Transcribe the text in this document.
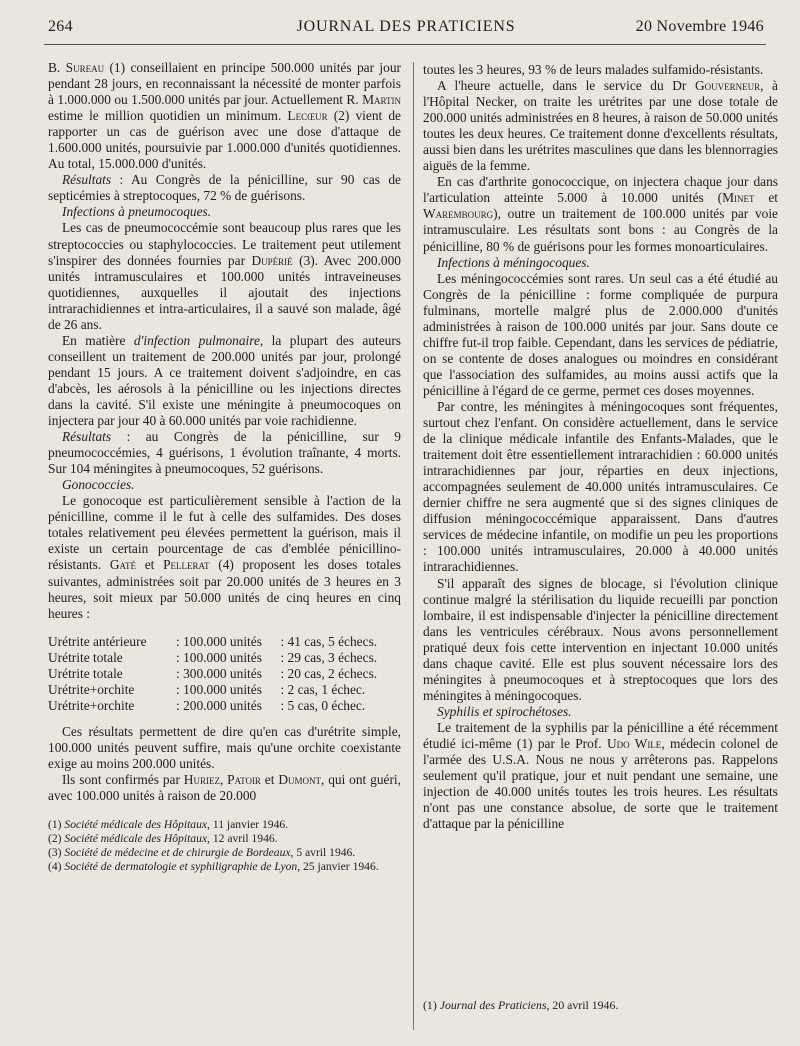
264	JOURNAL DES PRATICIENS	20 Novembre 1946

B. Sureau (1) conseillaient en principe 500.000 unités par jour pendant 28 jours, en reconnaissant la nécessité de monter parfois à 1.000.000 ou 1.500.000 unités par jour. Actuellement R. Martin estime le million quotidien un minimum. Lecœur (2) vient de rapporter un cas de guérison avec une dose d'attaque de 1.600.000 unités, poursuivie par 1.000.000 d'unités quotidiennes. Au total, 15.000.000 d'unités.

Résultats : Au Congrès de la pénicilline, sur 90 cas de septicémies à streptocoques, 72 % de guérisons.

Infections à pneumocoques.

Les cas de pneumococcémie sont beaucoup plus rares que les streptococcies ou staphylococcies. Le traitement peut utilement s'inspirer des données fournies par Dupérié (3). Avec 200.000 unités intramusculaires et 100.000 unités intraveineuses quotidiennes, auxquelles il ajoutait des injections intrarachidiennes et intra-articulaires, il a sauvé son malade, âgé de 26 ans.

En matière d'infection pulmonaire, la plupart des auteurs conseillent un traitement de 200.000 unités par jour, prolongé pendant 15 jours. A ce traitement doivent s'adjoindre, en cas d'abcès, les aérosols à la pénicilline ou les injections directes dans la cavité. S'il existe une méningite à pneumocoques on injectera par jour 40 à 60.000 unités par voie rachidienne.

Résultats : au Congrès de la pénicilline, sur 9 pneumococcémies, 4 guérisons, 1 évolution traînante, 4 morts. Sur 104 méningites à pneumocoques, 52 guérisons.

Gonococcies.

Le gonocoque est particulièrement sensible à l'action de la pénicilline, comme il le fut à celle des sulfamides. Des doses totales relativement peu élevées permettent la guérison, mais il existe un certain pourcentage de cas d'emblée pénicillino-résistants. Gaté et Pellerat (4) proposent les doses totales suivantes, administrées soit par 20.000 unités de 3 heures en 3 heures, soit mieux par 50.000 unités de cinq heures en cinq heures :

Urétrite antérieure	: 100.000 unités	: 41 cas, 5 échecs.
Urétrite totale	: 100.000 unités	: 29 cas, 3 échecs.
Urétrite totale	: 300.000 unités	: 20 cas, 2 échecs.
Urétrite+orchite	: 100.000 unités	: 2 cas, 1 échec.
Urétrite+orchite	: 200.000 unités	: 5 cas, 0 échec.

Ces résultats permettent de dire qu'en cas d'urétrite simple, 100.000 unités peuvent suffire, mais qu'une orchite coexistante exige au moins 200.000 unités.

Ils sont confirmés par Huriez, Patoir et Dumont, qui ont guéri, avec 100.000 unités à raison de 20.000

(1) Société médicale des Hôpitaux, 11 janvier 1946.
(2) Société médicale des Hôpitaux, 12 avril 1946.
(3) Société de médecine et de chirurgie de Bordeaux, 5 avril 1946.
(4) Société de dermatologie et syphiligraphie de Lyon, 25 janvier 1946.

toutes les 3 heures, 93 % de leurs malades sulfamido-résistants.

A l'heure actuelle, dans le service du Dr Gouverneur, à l'Hôpital Necker, on traite les urétrites par une dose totale de 200.000 unités administrées en 8 heures, à raison de 50.000 unités toutes les deux heures. Ce traitement donne d'excellents résultats, aussi bien dans les urétrites masculines que dans les blennorragies aiguës de la femme.

En cas d'arthrite gonococcique, on injectera chaque jour dans l'articulation atteinte 5.000 à 10.000 unités (Minet et Warembourg), outre un traitement de 100.000 unités par voie intramusculaire. Les résultats sont bons : au Congrès de la pénicilline, 80 % de guérisons pour les formes monoarticulaires.

Infections à méningocoques.

Les méningococcémies sont rares. Un seul cas a été étudié au Congrès de la pénicilline : forme compliquée de purpura fulminans, mortelle malgré plus de 2.000.000 d'unités administrées à raison de 100.000 unités par jour. Sans doute ce chiffre fut-il trop faible. Cependant, dans les services de pédiatrie, on se contente de doses analogues ou moindres en considérant que l'association des sulfamides, au moins aussi actifs que la pénicilline à l'égard de ce germe, permet ces doses moyennes.

Par contre, les méningites à méningocoques sont fréquentes, surtout chez l'enfant. On considère actuellement, dans le service de la clinique médicale infantile des Enfants-Malades, que le traitement doit être essentiellement intrarachidien : 60.000 unités intrarachidiennes par jour, réparties en deux injections, accompagnées seulement de 40.000 unités intramusculaires. Ce dernier chiffre ne sera augmenté que si des signes cliniques de diffusion méningococcémique apparaissent. Dans d'autres services de médecine infantile, on modifie un peu les proportions : 100.000 unités intramusculaires, 20.000 à 40.000 unités intrarachidiennes.

S'il apparaît des signes de blocage, si l'évolution clinique continue malgré la stérilisation du liquide recueilli par ponction lombaire, il est indispensable d'injecter la pénicilline directement dans les ventricules cérébraux. Nous avons personnellement pratiqué deux fois cette intervention en injectant 10.000 unités dans chaque cavité. Elle est plus souvent nécessaire lors des méningites à pneumocoques et à streptocoques que lors des méningites à méningocoques.

Syphilis et spirochétoses.

Le traitement de la syphilis par la pénicilline a été récemment étudié ici-même (1) par le Prof. Udo Wile, médecin colonel de l'armée des U.S.A. Nous ne nous y arrêterons pas. Rappelons seulement qu'il pratique, jour et nuit pendant une semaine, une injection de 40.000 unités toutes les trois heures. Les résultats n'ont pas une constance absolue, de sorte que le traitement d'attaque par la pénicilline

(1) Journal des Praticiens, 20 avril 1946.
